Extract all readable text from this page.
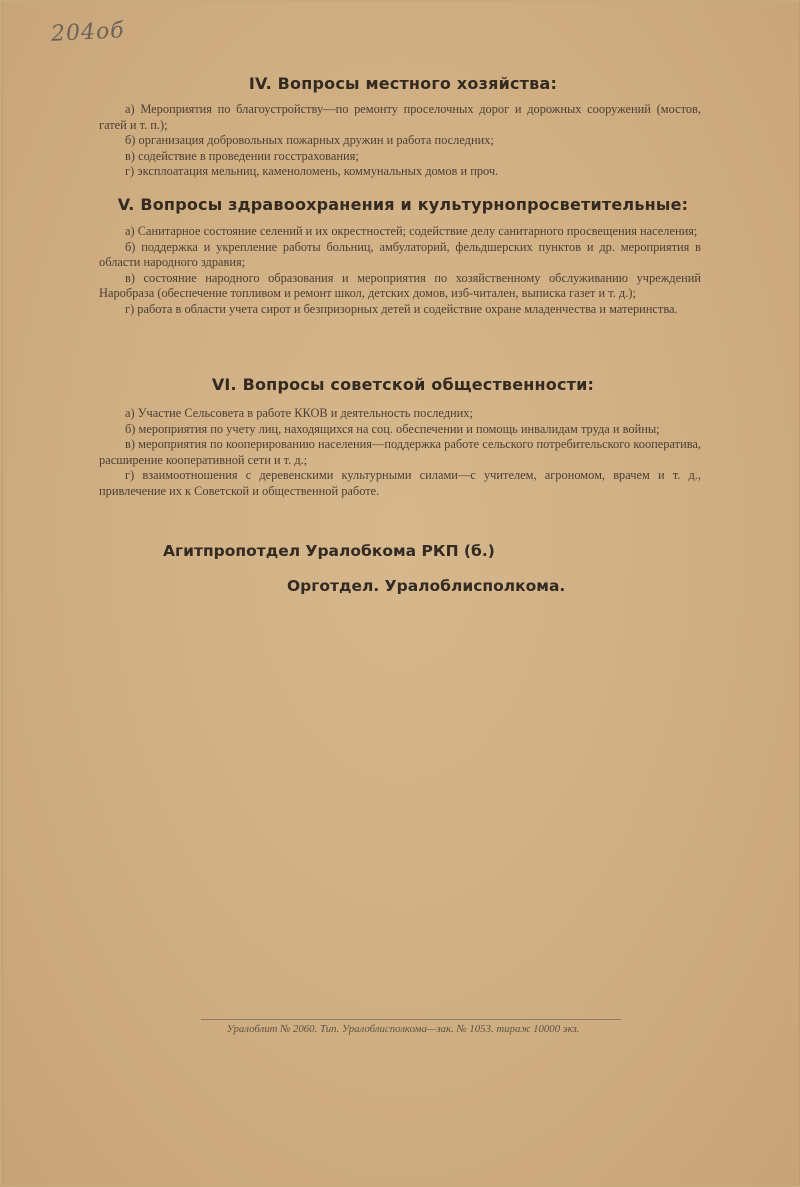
204об
IV. Вопросы местного хозяйства:

а) Мероприятия по благоустройству—по ремонту проселочных дорог и дорожных сооружений (мостов, гатей и т. п.);

б) организация добровольных пожарных дружин и работа последних;

в) содействие в проведении госстрахования;

г) эксплоатация мельниц, каменоломень, коммунальных домов и проч.

V. Вопросы здравоохранения и культурнопросветительные:

а) Санитарное состояние селений и их окрестностей; содействие делу санитарного просвещения населения;

б) поддержка и укрепление работы больниц, амбулаторий, фельдшерских пунктов и др. мероприятия в области народного здравия;

в) состояние народного образования и мероприятия по хозяйственному обслуживанию учреждений Наробраза (обеспечение топливом и ремонт школ, детских домов, изб-читален, выписка газет и т. д.);

г) работа в области учета сирот и безпризорных детей и содействие охране младенчества и материнства.

VI. Вопросы советской общественности:

а) Участие Сельсовета в работе ККОВ и деятельность последних;

б) мероприятия по учету лиц, находящихся на соц. обеспечении и помощь инвалидам труда и войны;

в) мероприятия по кооперированию населения—поддержка работе сельского потребительского кооператива, расширение кооперативной сети и т. д.;

г) взаимоотношения с деревенскими культурными силами—с учителем, агрономом, врачем и т. д., привлечение их к Советской и общественной работе.

Агитпропотдел Уралобкома РКП (б.)
Орготдел. Уралоблисполкома.
Уралоблит № 2060. Тип. Уралоблисполкома—зак. № 1053. тираж 10000 экз.
